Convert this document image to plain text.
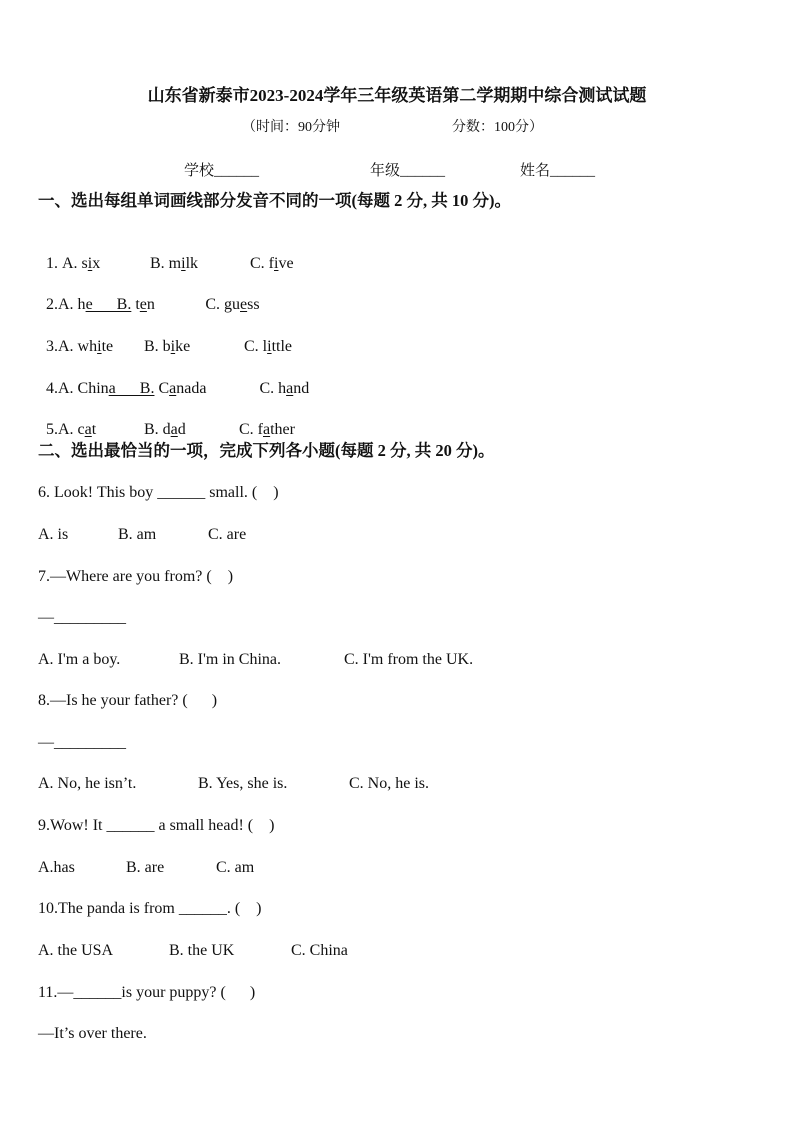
山东省新泰市2023-2024学年三年级英语第二学期期中综合测试试题
（时间：90分钟	分数：100分）
学校______	年级______	姓名______
一、选出每组单词画线部分发音不同的一项(每题 2 分, 共 10 分)。

1. A. six	B. milk	C. five

2.A. he      B. ten	C. guess

3.A. white B. bike	C. little

4.A. China      B. Canada	C. hand

5.A. cat	B. dad	C. father

二、选出最恰当的一项，完成下列各小题(每题 2 分, 共 20 分)。
6. Look! This boy ______ small. (    )
A. is	B. am	C. are
7.—Where are you from? (    )
—_________
A. I'm a boy.	B. I'm in China.	C. I'm from the UK.
8.—Is he your father? (      )
—_________
A. No, he isn’t.	B. Yes, she is.	C. No, he is.
9.Wow! It ______ a small head! (    )
A.has	B. are	C. am
10.The panda is from ______. (    )
A. the USA	B. the UK	C. China
11.—______is your puppy? (      )
—It’s over there.
